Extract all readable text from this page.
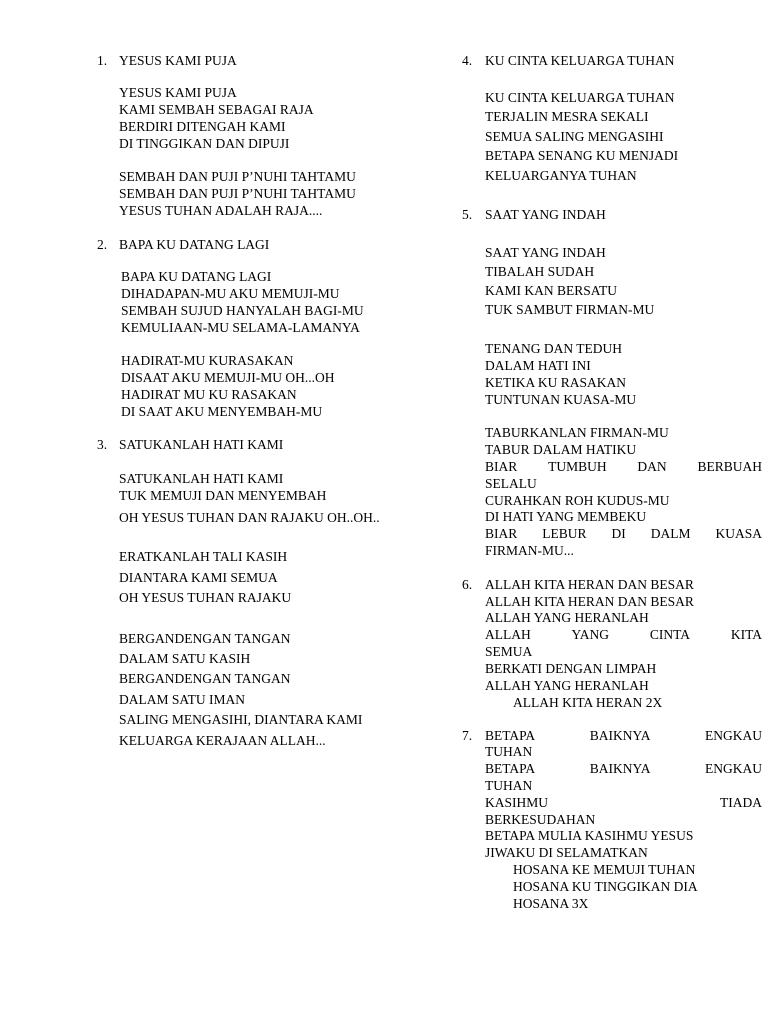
1. YESUS KAMI PUJA
YESUS KAMI PUJA
KAMI SEMBAH SEBAGAI RAJA
BERDIRI DITENGAH KAMI
DI TINGGIKAN DAN DIPUJI
SEMBAH DAN PUJI P’NUHI TAHTAMU
SEMBAH DAN PUJI P’NUHI TAHTAMU
YESUS TUHAN ADALAH RAJA....
2. BAPA KU DATANG LAGI
BAPA KU DATANG LAGI
DIHADAPAN-MU AKU MEMUJI-MU
SEMBAH SUJUD HANYALAH BAGI-MU
KEMULIAAN-MU SELAMA-LAMANYA
HADIRAT-MU KURASAKAN
DISAAT AKU MEMUJI-MU OH...OH
HADIRAT MU KU RASAKAN
DI SAAT AKU MENYEMBAH-MU
3. SATUKANLAH HATI KAMI
SATUKANLAH HATI KAMI
TUK MEMUJI DAN MENYEMBAH
OH YESUS TUHAN DAN RAJAKU OH..OH..
ERATKANLAH TALI KASIH
DIANTARA KAMI SEMUA
OH YESUS TUHAN RAJAKU
BERGANDENGAN TANGAN
DALAM SATU KASIH
BERGANDENGAN TANGAN
DALAM SATU IMAN
SALING MENGASIHI, DIANTARA KAMI
KELUARGA KERAJAAN ALLAH...
4. KU CINTA KELUARGA TUHAN
KU CINTA KELUARGA TUHAN
TERJALIN MESRA SEKALI
SEMUA SALING MENGASIHI
BETAPA SENANG KU MENJADI
KELUARGANYA TUHAN
5. SAAT YANG INDAH
SAAT YANG INDAH
TIBALAH SUDAH
KAMI KAN BERSATU
TUK SAMBUT FIRMAN-MU
TENANG DAN TEDUH
DALAM HATI INI
KETIKA KU RASAKAN
TUNTUNAN KUASA-MU
TABURKANLAN FIRMAN-MU
TABUR DALAM HATIKU
BIAR TUMBUH DAN BERBUAH
SELALU
CURAHKAN ROH KUDUS-MU
DI HATI YANG MEMBEKU
BIAR LEBUR DI DALM KUASA
FIRMAN-MU...
6. ALLAH KITA HERAN DAN BESAR
ALLAH KITA HERAN DAN BESAR
ALLAH YANG HERANLAH
ALLAH	YANG	CINTA	KITA
SEMUA
BERKATI DENGAN LIMPAH
ALLAH YANG HERANLAH
ALLAH KITA HERAN 2X
7. BETAPA	BAIKNYA	ENGKAU
TUHAN
BETAPA	BAIKNYA	ENGKAU
TUHAN
KASIHMU	TIADA
BERKESUDAHAN
BETAPA MULIA KASIHMU YESUS
JIWAKU DI SELAMATKAN
HOSANA KE MEMUJI TUHAN
HOSANA KU TINGGIKAN DIA
HOSANA 3X
